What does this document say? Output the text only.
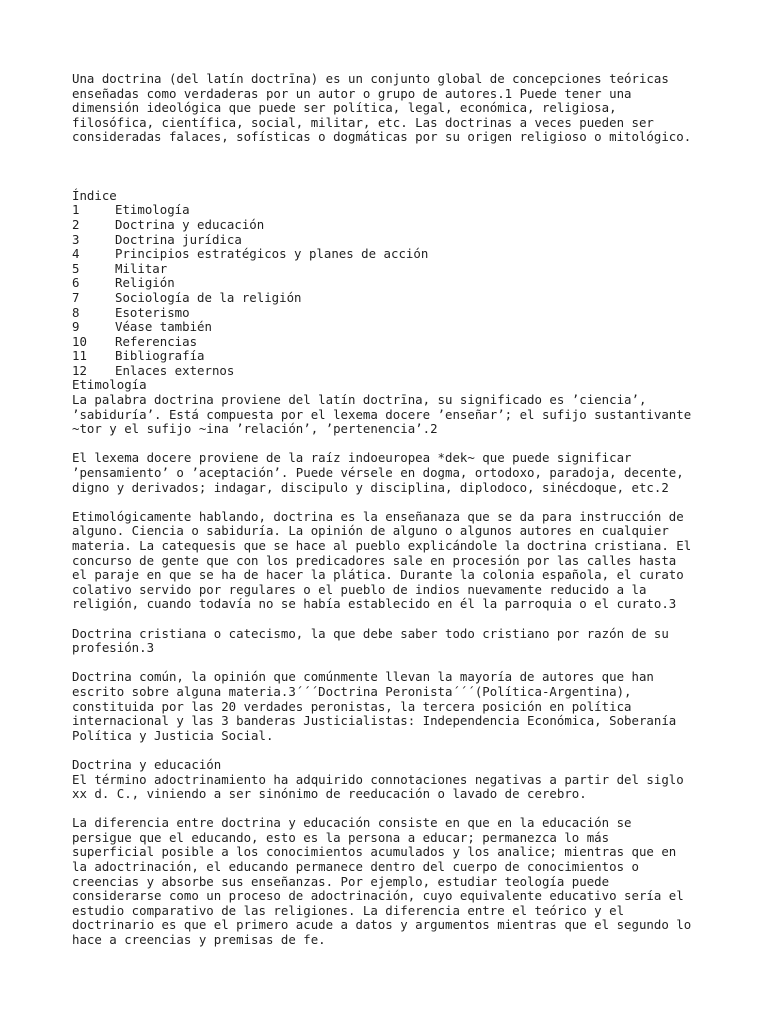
Una doctrina (del latín doctrīna) es un conjunto global de concepciones teóricas
enseñadas como verdaderas por un autor o grupo de autores.1 Puede tener una
dimensión ideológica que puede ser política, legal, económica, religiosa,
filosófica, científica, social, militar, etc. Las doctrinas a veces pueden ser
consideradas falaces, sofísticas o dogmáticas por su origen religioso o mitológico.

Índice

1	Etimología
2	Doctrina y educación
3	Doctrina jurídica
4	Principios estratégicos y planes de acción
5	Militar
6	Religión
7	Sociología de la religión
8	Esoterismo
9	Véase también
10	Referencias
11	Bibliografía
12	Enlaces externos

Etimología

La palabra doctrina proviene del latín doctrīna, su significado es ’ciencia’,
’sabiduría’. Está compuesta por el lexema docere ’enseñar’; el sufijo sustantivante
~tor y el sufijo ~ina ’relación’, ’pertenencia’.2

El lexema docere proviene de la raíz indoeuropea *dek~ que puede significar
’pensamiento’ o ’aceptación’. Puede vérsele en dogma, ortodoxo, paradoja, decente,
digno y derivados; indagar, discipulo y disciplina, diplodoco, sinécdoque, etc.2

Etimológicamente hablando, doctrina es la enseñanaza que se da para instrucción de
alguno. Ciencia o sabiduría. La opinión de alguno o algunos autores en cualquier
materia. La catequesis que se hace al pueblo explicándole la doctrina cristiana. El
concurso de gente que con los predicadores sale en procesión por las calles hasta
el paraje en que se ha de hacer la plática. Durante la colonia española, el curato
colativo servido por regulares o el pueblo de indios nuevamente reducido a la
religión, cuando todavía no se había establecido en él la parroquia o el curato.3

Doctrina cristiana o catecismo, la que debe saber todo cristiano por razón de su
profesión.3

Doctrina común, la opinión que comúnmente llevan la mayoría de autores que han
escrito sobre alguna materia.3´´´Doctrina Peronista´´´(Política-Argentina),
constituida por las 20 verdades peronistas, la tercera posición en política
internacional y las 3 banderas Justicialistas: Independencia Económica, Soberanía
Política y Justicia Social.

Doctrina y educación

El término adoctrinamiento ha adquirido connotaciones negativas a partir del siglo
xx d. C., viniendo a ser sinónimo de reeducación o lavado de cerebro.

La diferencia entre doctrina y educación consiste en que en la educación se
persigue que el educando, esto es la persona a educar; permanezca lo más
superficial posible a los conocimientos acumulados y los analice; mientras que en
la adoctrinación, el educando permanece dentro del cuerpo de conocimientos o
creencias y absorbe sus enseñanzas. Por ejemplo, estudiar teología puede
considerarse como un proceso de adoctrinación, cuyo equivalente educativo sería el
estudio comparativo de las religiones. La diferencia entre el teórico y el
doctrinario es que el primero acude a datos y argumentos mientras que el segundo lo
hace a creencias y premisas de fe.
